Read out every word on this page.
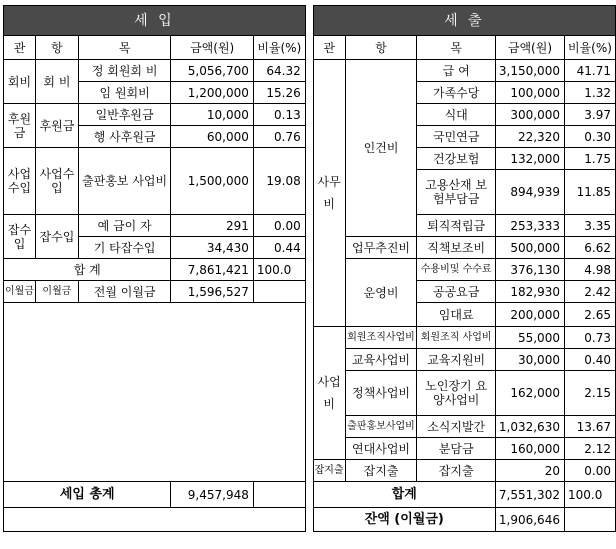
세 입						세 출				
관	항	목	금액(원)	비율(%)		관	항	목	금액(원)	비율(%)
회비	회 비	정 회원회 비	5,056,700	64.32		사무비	인건비	급 여	3,150,000	41.71
		임 원회비	1,200,000	15.26				가족수당	100,000	1.32
후원금	후원금	일반후원금	10,000	0.13				식대	300,000	3.97
		행 사후원금	60,000	0.76				국민연금	22,320	0.30
사업수입	사업수입	출판홍보 사업비	1,500,000	19.08				건강보험	132,000	1.75
								고용산재 보험부담금	894,939	11.85
잡수입	잡수입	예 금이 자	291	0.00				퇴직적립금	253,333	3.35
		기 타잡수입	34,430	0.44			업무추진비	직책보조비	500,000	6.62
합 계			7,861,421	100.0			운영비	수용비및 수수료	376,130	4.98
이월금	이월금	전월 이월금	1,596,527					공공요금	182,930	2.42
								임대료	200,000	2.65
						사업비	회원조직사업비	회원조직 사업비	55,000	0.73
							교육사업비	교육지원비	30,000	0.40
							정책사업비	노인장기 요양사업비	162,000	2.15
							출판홍보사업비	소식지발간	1,032,630	13.67
							연대사업비	분담금	160,000	2.12
						잡지출	잡지출	잡지출	20	0.00
세입 총계			9,457,948			합계			7,551,302	100.0
						잔액 (이월금)			1,906,646	
